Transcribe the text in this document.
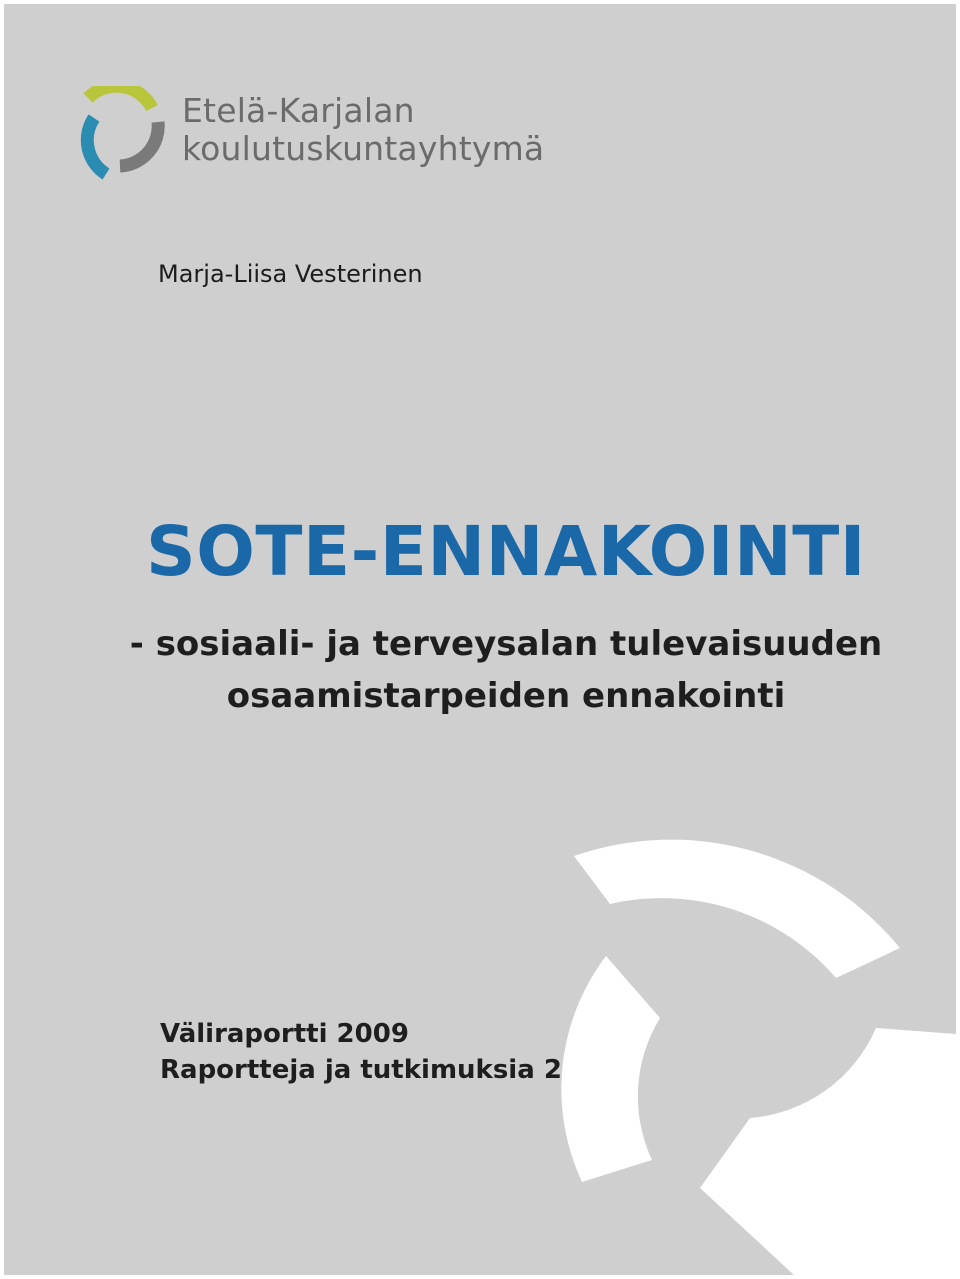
Etelä-Karjalan
koulutuskuntayhtymä
Marja-Liisa Vesterinen
SOTE-ENNAKOINTI
- sosiaali- ja terveysalan tulevaisuuden
osaamistarpeiden ennakointi
Väliraportti 2009
Raportteja ja tutkimuksia 2
